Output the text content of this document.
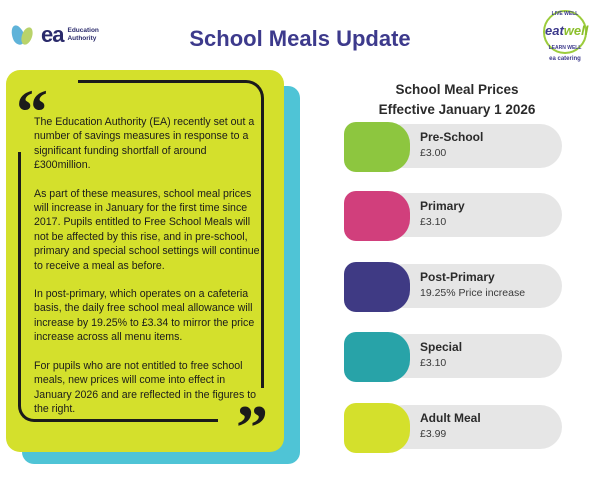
ea Education Authority	School Meals Update
LIVE WELL
eatwell
LEARN WELL
ea catering
“
”

The Education Authority (EA) recently set out a number of savings measures in response to a significant funding shortfall of around £300million.

As part of these measures, school meal prices will increase in January for the first time since 2017. Pupils entitled to Free School Meals will not be affected by this rise, and in pre-school, primary and special school settings will continue to receive a meal as before.

In post-primary, which operates on a cafeteria basis, the daily free school meal allowance will increase by 19.25% to £3.34 to mirror the price increase across all menu items.

For pupils who are not entitled to free school meals, new prices will come into effect in January 2026 and are reflected in the figures to the right.

School Meal Prices
Effective January 1 2026
Pre-School
£3.00
Primary
£3.10
Post-Primary
19.25% Price increase
Special
£3.10
Adult Meal
£3.99
